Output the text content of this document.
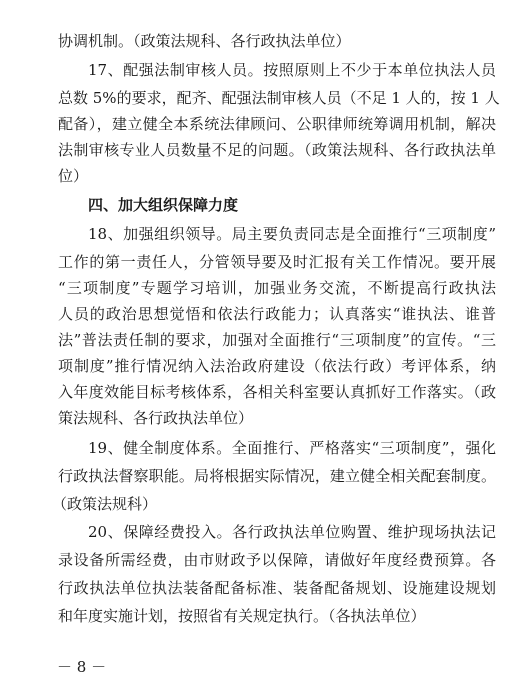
协调机制。（政策法规科、各行政执法单位）
17、配强法制审核人员。按照原则上不少于本单位执法人员
总数 5%的要求，配齐、配强法制审核人员（不足 1 人的，按 1 人
配备），建立健全本系统法律顾问、公职律师统筹调用机制，解决
法制审核专业人员数量不足的问题。（政策法规科、各行政执法单
位）
四、加大组织保障力度
18、加强组织领导。局主要负责同志是全面推行“三项制度”
工作的第一责任人，分管领导要及时汇报有关工作情况。要开展
“三项制度”专题学习培训，加强业务交流，不断提高行政执法
人员的政治思想觉悟和依法行政能力；认真落实“谁执法、谁普
法”普法责任制的要求，加强对全面推行“三项制度”的宣传。“三
项制度”推行情况纳入法治政府建设（依法行政）考评体系，纳
入年度效能目标考核体系，各相关科室要认真抓好工作落实。（政
策法规科、各行政执法单位）
19、健全制度体系。全面推行、严格落实“三项制度”，强化
行政执法督察职能。局将根据实际情况，建立健全相关配套制度。
（政策法规科）
20、保障经费投入。各行政执法单位购置、维护现场执法记
录设备所需经费，由市财政予以保障，请做好年度经费预算。各
和年度实施计划，按照省有关规定执行。（各执法单位）
行政执法单位执法装备配备标准、装备配备规划、设施建设规划
－ 8 －
